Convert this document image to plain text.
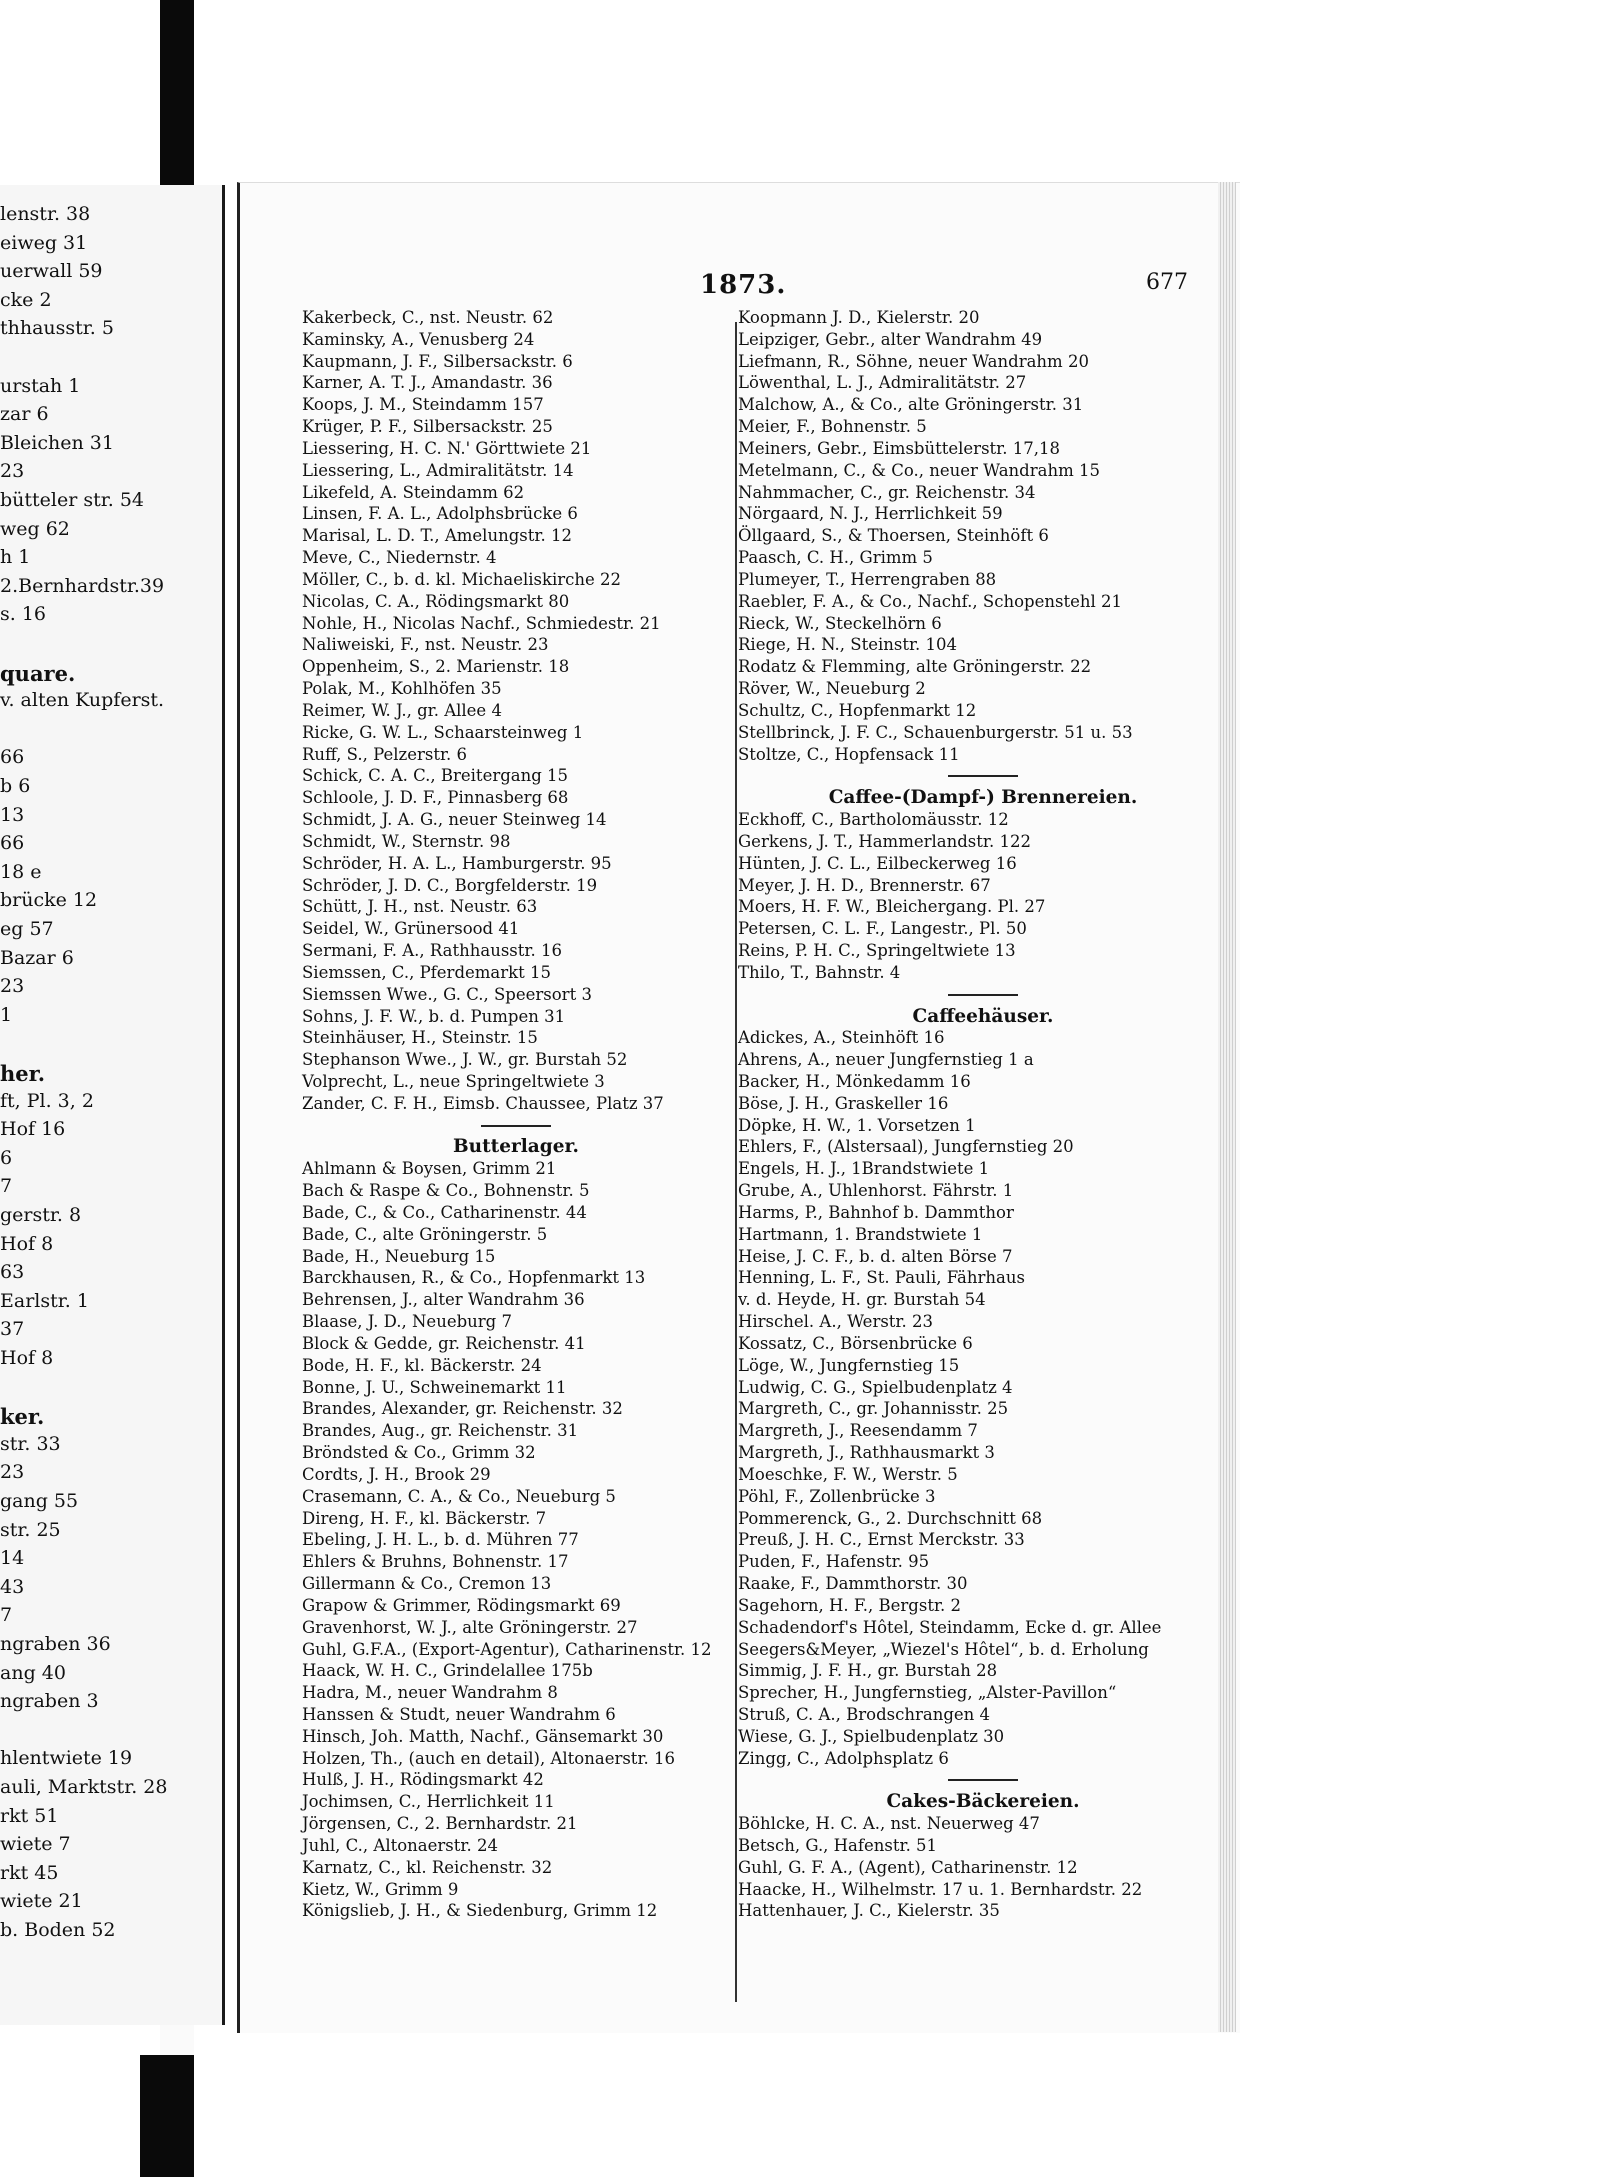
lenstr. 38
eiweg 31
uerwall 59
cke 2
thhausstr. 5
urstah 1
zar 6
Bleichen 31
23
bütteler str. 54
weg 62
h 1
2.Bernhardstr.39
s. 16
quare.
v. alten Kupferst.
66
b 6
13
66
18 e
brücke 12
eg 57
Bazar 6
23
1
her.
ft, Pl. 3, 2
Hof 16
6
7
gerstr. 8
Hof 8
63
Earlstr. 1
37
Hof 8
ker.
str. 33
23
gang 55
str. 25
14
43
7
ngraben 36
ang 40
ngraben 3
hlentwiete 19
auli, Marktstr. 28
rkt 51
wiete 7
rkt 45
wiete 21
b. Boden 52
1873.	677
Kakerbeck, C., nst. Neustr. 62
Kaminsky, A., Venusberg 24
Kaupmann, J. F., Silbersackstr. 6
Karner, A. T. J., Amandastr. 36
Koops, J. M., Steindamm 157
Krüger, P. F., Silbersackstr. 25
Liessering, H. C. N.' Görttwiete 21
Liessering, L., Admiralitätstr. 14
Likefeld, A. Steindamm 62
Linsen, F. A. L., Adolphsbrücke 6
Marisal, L. D. T., Amelungstr. 12
Meve, C., Niedernstr. 4
Möller, C., b. d. kl. Michaeliskirche 22
Nicolas, C. A., Rödingsmarkt 80
Nohle, H., Nicolas Nachf., Schmiedestr. 21
Naliweiski, F., nst. Neustr. 23
Oppenheim, S., 2. Marienstr. 18
Polak, M., Kohlhöfen 35
Reimer, W. J., gr. Allee 4
Ricke, G. W. L., Schaarsteinweg 1
Ruff, S., Pelzerstr. 6
Schick, C. A. C., Breitergang 15
Schloole, J. D. F., Pinnasberg 68
Schmidt, J. A. G., neuer Steinweg 14
Schmidt, W., Sternstr. 98
Schröder, H. A. L., Hamburgerstr. 95
Schröder, J. D. C., Borgfelderstr. 19
Schütt, J. H., nst. Neustr. 63
Seidel, W., Grünersood 41
Sermani, F. A., Rathhausstr. 16
Siemssen, C., Pferdemarkt 15
Siemssen Wwe., G. C., Speersort 3
Sohns, J. F. W., b. d. Pumpen 31
Steinhäuser, H., Steinstr. 15
Stephanson Wwe., J. W., gr. Burstah 52
Volprecht, L., neue Springeltwiete 3
Zander, C. F. H., Eimsb. Chaussee, Platz 37
Butterlager.
Ahlmann & Boysen, Grimm 21
Bach & Raspe & Co., Bohnenstr. 5
Bade, C., & Co., Catharinenstr. 44
Bade, C., alte Gröningerstr. 5
Bade, H., Neueburg 15
Barckhausen, R., & Co., Hopfenmarkt 13
Behrensen, J., alter Wandrahm 36
Blaase, J. D., Neueburg 7
Block & Gedde, gr. Reichenstr. 41
Bode, H. F., kl. Bäckerstr. 24
Bonne, J. U., Schweinemarkt 11
Brandes, Alexander, gr. Reichenstr. 32
Brandes, Aug., gr. Reichenstr. 31
Bröndsted & Co., Grimm 32
Cordts, J. H., Brook 29
Crasemann, C. A., & Co., Neueburg 5
Direng, H. F., kl. Bäckerstr. 7
Ebeling, J. H. L., b. d. Mühren 77
Ehlers & Bruhns, Bohnenstr. 17
Gillermann & Co., Cremon 13
Grapow & Grimmer, Rödingsmarkt 69
Gravenhorst, W. J., alte Gröningerstr. 27
Guhl, G.F.A., (Export-Agentur), Catharinenstr. 12
Haack, W. H. C., Grindelallee 175b
Hadra, M., neuer Wandrahm 8
Hanssen & Studt, neuer Wandrahm 6
Hinsch, Joh. Matth, Nachf., Gänsemarkt 30
Holzen, Th., (auch en detail), Altonaerstr. 16
Hulß, J. H., Rödingsmarkt 42
Jochimsen, C., Herrlichkeit 11
Jörgensen, C., 2. Bernhardstr. 21
Juhl, C., Altonaerstr. 24
Karnatz, C., kl. Reichenstr. 32
Kietz, W., Grimm 9
Königslieb, J. H., & Siedenburg, Grimm 12
Koopmann J. D., Kielerstr. 20
Leipziger, Gebr., alter Wandrahm 49
Liefmann, R., Söhne, neuer Wandrahm 20
Löwenthal, L. J., Admiralitätstr. 27
Malchow, A., & Co., alte Gröningerstr. 31
Meier, F., Bohnenstr. 5
Meiners, Gebr., Eimsbüttelerstr. 17,18
Metelmann, C., & Co., neuer Wandrahm 15
Nahmmacher, C., gr. Reichenstr. 34
Nörgaard, N. J., Herrlichkeit 59
Öllgaard, S., & Thoersen, Steinhöft 6
Paasch, C. H., Grimm 5
Plumeyer, T., Herrengraben 88
Raebler, F. A., & Co., Nachf., Schopenstehl 21
Rieck, W., Steckelhörn 6
Riege, H. N., Steinstr. 104
Rodatz & Flemming, alte Gröningerstr. 22
Röver, W., Neueburg 2
Schultz, C., Hopfenmarkt 12
Stellbrinck, J. F. C., Schauenburgerstr. 51 u. 53
Stoltze, C., Hopfensack 11
Caffee-(Dampf-) Brennereien.
Eckhoff, C., Bartholomäusstr. 12
Gerkens, J. T., Hammerlandstr. 122
Hünten, J. C. L., Eilbeckerweg 16
Meyer, J. H. D., Brennerstr. 67
Moers, H. F. W., Bleichergang. Pl. 27
Petersen, C. L. F., Langestr., Pl. 50
Reins, P. H. C., Springeltwiete 13
Thilo, T., Bahnstr. 4
Caffeehäuser.
Adickes, A., Steinhöft 16
Ahrens, A., neuer Jungfernstieg 1 a
Backer, H., Mönkedamm 16
Böse, J. H., Graskeller 16
Döpke, H. W., 1. Vorsetzen 1
Ehlers, F., (Alstersaal), Jungfernstieg 20
Engels, H. J., 1Brandstwiete 1
Grube, A., Uhlenhorst. Fährstr. 1
Harms, P., Bahnhof b. Dammthor
Hartmann, 1. Brandstwiete 1
Heise, J. C. F., b. d. alten Börse 7
Henning, L. F., St. Pauli, Fährhaus
v. d. Heyde, H. gr. Burstah 54
Hirschel. A., Werstr. 23
Kossatz, C., Börsenbrücke 6
Löge, W., Jungfernstieg 15
Ludwig, C. G., Spielbudenplatz 4
Margreth, C., gr. Johannisstr. 25
Margreth, J., Reesendamm 7
Margreth, J., Rathhausmarkt 3
Moeschke, F. W., Werstr. 5
Pöhl, F., Zollenbrücke 3
Pommerenck, G., 2. Durchschnitt 68
Preuß, J. H. C., Ernst Merckstr. 33
Puden, F., Hafenstr. 95
Raake, F., Dammthorstr. 30
Sagehorn, H. F., Bergstr. 2
Schadendorf's Hôtel, Steindamm, Ecke d. gr. Allee
Seegers&Meyer, „Wiezel's Hôtel“, b. d. Erholung
Simmig, J. F. H., gr. Burstah 28
Sprecher, H., Jungfernstieg, „Alster-Pavillon“
Struß, C. A., Brodschrangen 4
Wiese, G. J., Spielbudenplatz 30
Zingg, C., Adolphsplatz 6
Cakes-Bäckereien.
Böhlcke, H. C. A., nst. Neuerweg 47
Betsch, G., Hafenstr. 51
Guhl, G. F. A., (Agent), Catharinenstr. 12
Haacke, H., Wilhelmstr. 17 u. 1. Bernhardstr. 22
Hattenhauer, J. C., Kielerstr. 35
